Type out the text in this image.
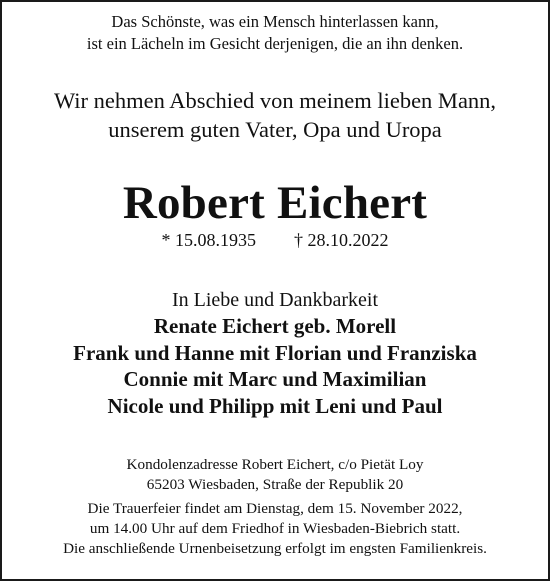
Das Schönste, was ein Mensch hinterlassen kann,
ist ein Lächeln im Gesicht derjenigen, die an ihn denken.
Wir nehmen Abschied von meinem lieben Mann,
unserem guten Vater, Opa und Uropa
Robert Eichert
* 15.08.1935 † 28.10.2022
In Liebe und Dankbarkeit
Renate Eichert geb. Morell
Frank und Hanne mit Florian und Franziska
Connie mit Marc und Maximilian
Nicole und Philipp mit Leni und Paul
Kondolenzadresse Robert Eichert, c/o Pietät Loy
65203 Wiesbaden, Straße der Republik 20
Die Trauerfeier findet am Dienstag, dem 15. November 2022,
um 14.00 Uhr auf dem Friedhof in Wiesbaden-Biebrich statt.
Die anschließende Urnenbeisetzung erfolgt im engsten Familienkreis.
